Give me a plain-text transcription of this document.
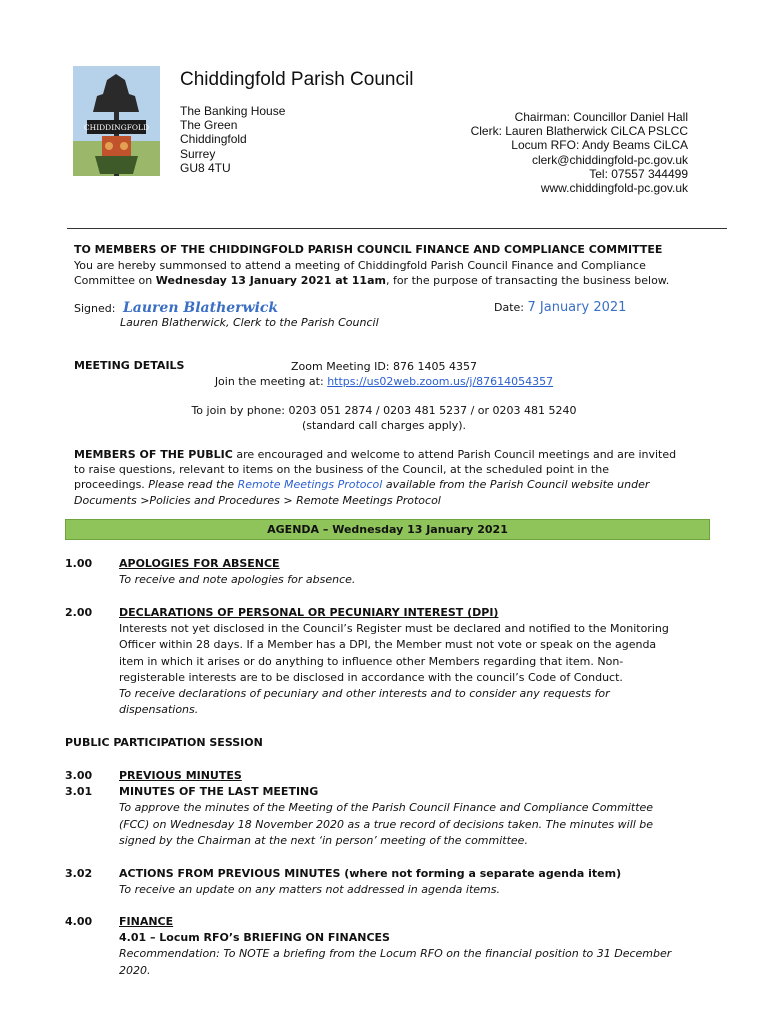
CHIDDINGFOLD
Chiddingfold Parish Council
The Banking House
The Green
Chiddingfold
Surrey
GU8 4TU
Chairman: Councillor Daniel Hall
Clerk: Lauren Blatherwick CiLCA PSLCC
Locum RFO: Andy Beams CiLCA
clerk@chiddingfold-pc.gov.uk
Tel: 07557 344499
www.chiddingfold-pc.gov.uk
TO MEMBERS OF THE CHIDDINGFOLD PARISH COUNCIL FINANCE AND COMPLIANCE COMMITTEE
You are hereby summonsed to attend a meeting of Chiddingfold Parish Council Finance and Compliance
Committee on Wednesday 13 January 2021 at 11am, for the purpose of transacting the business below.
Signed: Lauren Blatherwick
Lauren Blatherwick, Clerk to the Parish Council
Date: 7 January 2021
MEETING DETAILS	Zoom Meeting ID: 876 1405 4357
Join the meeting at: https://us02web.zoom.us/j/87614054357
To join by phone: 0203 051 2874 / 0203 481 5237 / or 0203 481 5240
(standard call charges apply).
MEMBERS OF THE PUBLIC are encouraged and welcome to attend Parish Council meetings and are invited
to raise questions, relevant to items on the business of the Council, at the scheduled point in the
proceedings. Please read the Remote Meetings Protocol available from the Parish Council website under
Documents >Policies and Procedures > Remote Meetings Protocol
AGENDA – Wednesday 13 January 2021
1.00 APOLOGIES FOR ABSENCE
To receive and note apologies for absence.
2.00 DECLARATIONS OF PERSONAL OR PECUNIARY INTEREST (DPI)
Interests not yet disclosed in the Council’s Register must be declared and notified to the Monitoring
Officer within 28 days. If a Member has a DPI, the Member must not vote or speak on the agenda
item in which it arises or do anything to influence other Members regarding that item. Non-
registerable interests are to be disclosed in accordance with the council’s Code of Conduct.
To receive declarations of pecuniary and other interests and to consider any requests for
dispensations.
PUBLIC PARTICIPATION SESSION
3.00
3.01
PREVIOUS MINUTES
MINUTES OF THE LAST MEETING
To approve the minutes of the Meeting of the Parish Council Finance and Compliance Committee
(FCC) on Wednesday 18 November 2020 as a true record of decisions taken. The minutes will be
signed by the Chairman at the next ‘in person’ meeting of the committee.
3.02 ACTIONS FROM PREVIOUS MINUTES (where not forming a separate agenda item)
To receive an update on any matters not addressed in agenda items.
4.00 FINANCE
4.01 – Locum RFO’s BRIEFING ON FINANCES
Recommendation: To NOTE a briefing from the Locum RFO on the financial position to 31 December
2020.
